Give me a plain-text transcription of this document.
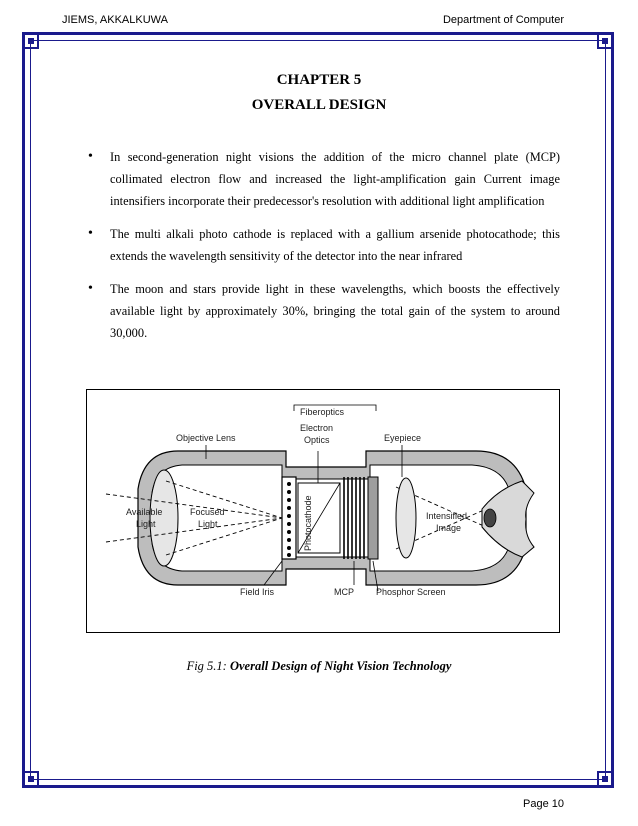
JIEMS, AKKALKUWA	Department of Computer
CHAPTER 5
OVERALL DESIGN
• In second-generation night visions the addition of the micro channel plate (MCP) collimated electron flow and increased the light-amplification gain Current image intensifiers incorporate their predecessor's resolution with additional light amplification
• The multi alkali photo cathode is replaced with a gallium arsenide photocathode; this extends the wavelength sensitivity of the detector into the near infrared
• The moon and stars provide light in these wavelengths, which boosts the effectively available light by approximately 30%, bringing the total gain of the system to around 30,000.
Fiberoptics
Electron
Optics
Objective Lens	Eyepiece
Available
Light
Focused
Light	Photocathode	Intensified
Image
Field Iris	MCP Phosphor Screen
Fig 5.1: Overall Design of Night Vision Technology
Page 10
